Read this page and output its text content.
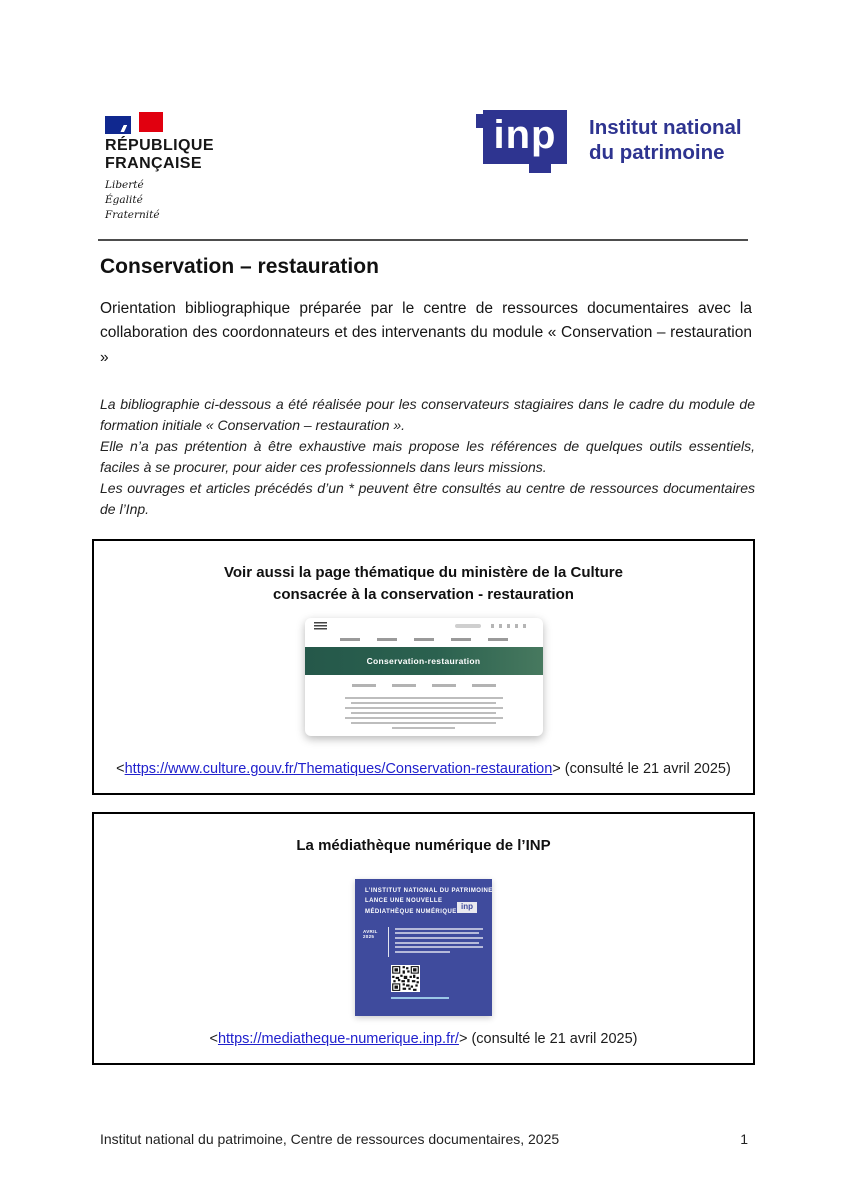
RÉPUBLIQUE
FRANÇAISE
Liberté
Égalité
Fraternité
inp Institut national
du patrimoine
Conservation – restauration

Orientation bibliographique préparée par le centre de ressources documentaires avec la collaboration des coordonnateurs et des intervenants du module « Conservation – restauration »

La bibliographie ci-dessous a été réalisée pour les conservateurs stagiaires dans le cadre du module de formation initiale « Conservation – restauration ».
Elle n’a pas prétention à être exhaustive mais propose les références de quelques outils essentiels, faciles à se procurer, pour aider ces professionnels dans leurs missions.

Les ouvrages et articles précédés d’un * peuvent être consultés au centre de ressources documentaires de l’Inp.

Voir aussi la page thématique du ministère de la Culture
consacrée à la conservation - restauration
Conservation-restauration

<https://www.culture.gouv.fr/Thematiques/Conservation-restauration> (consulté le 21 avril 2025)

La médiathèque numérique de l’INP
L’INSTITUT NATIONAL DU PATRIMOINE
LANCE UNE NOUVELLE
MÉDIATHÈQUE NUMÉRIQUE
inp
AVRIL 2025

<https://mediatheque-numerique.inp.fr/> (consulté le 21 avril 2025)

Institut national du patrimoine, Centre de ressources documentaires, 2025	1
